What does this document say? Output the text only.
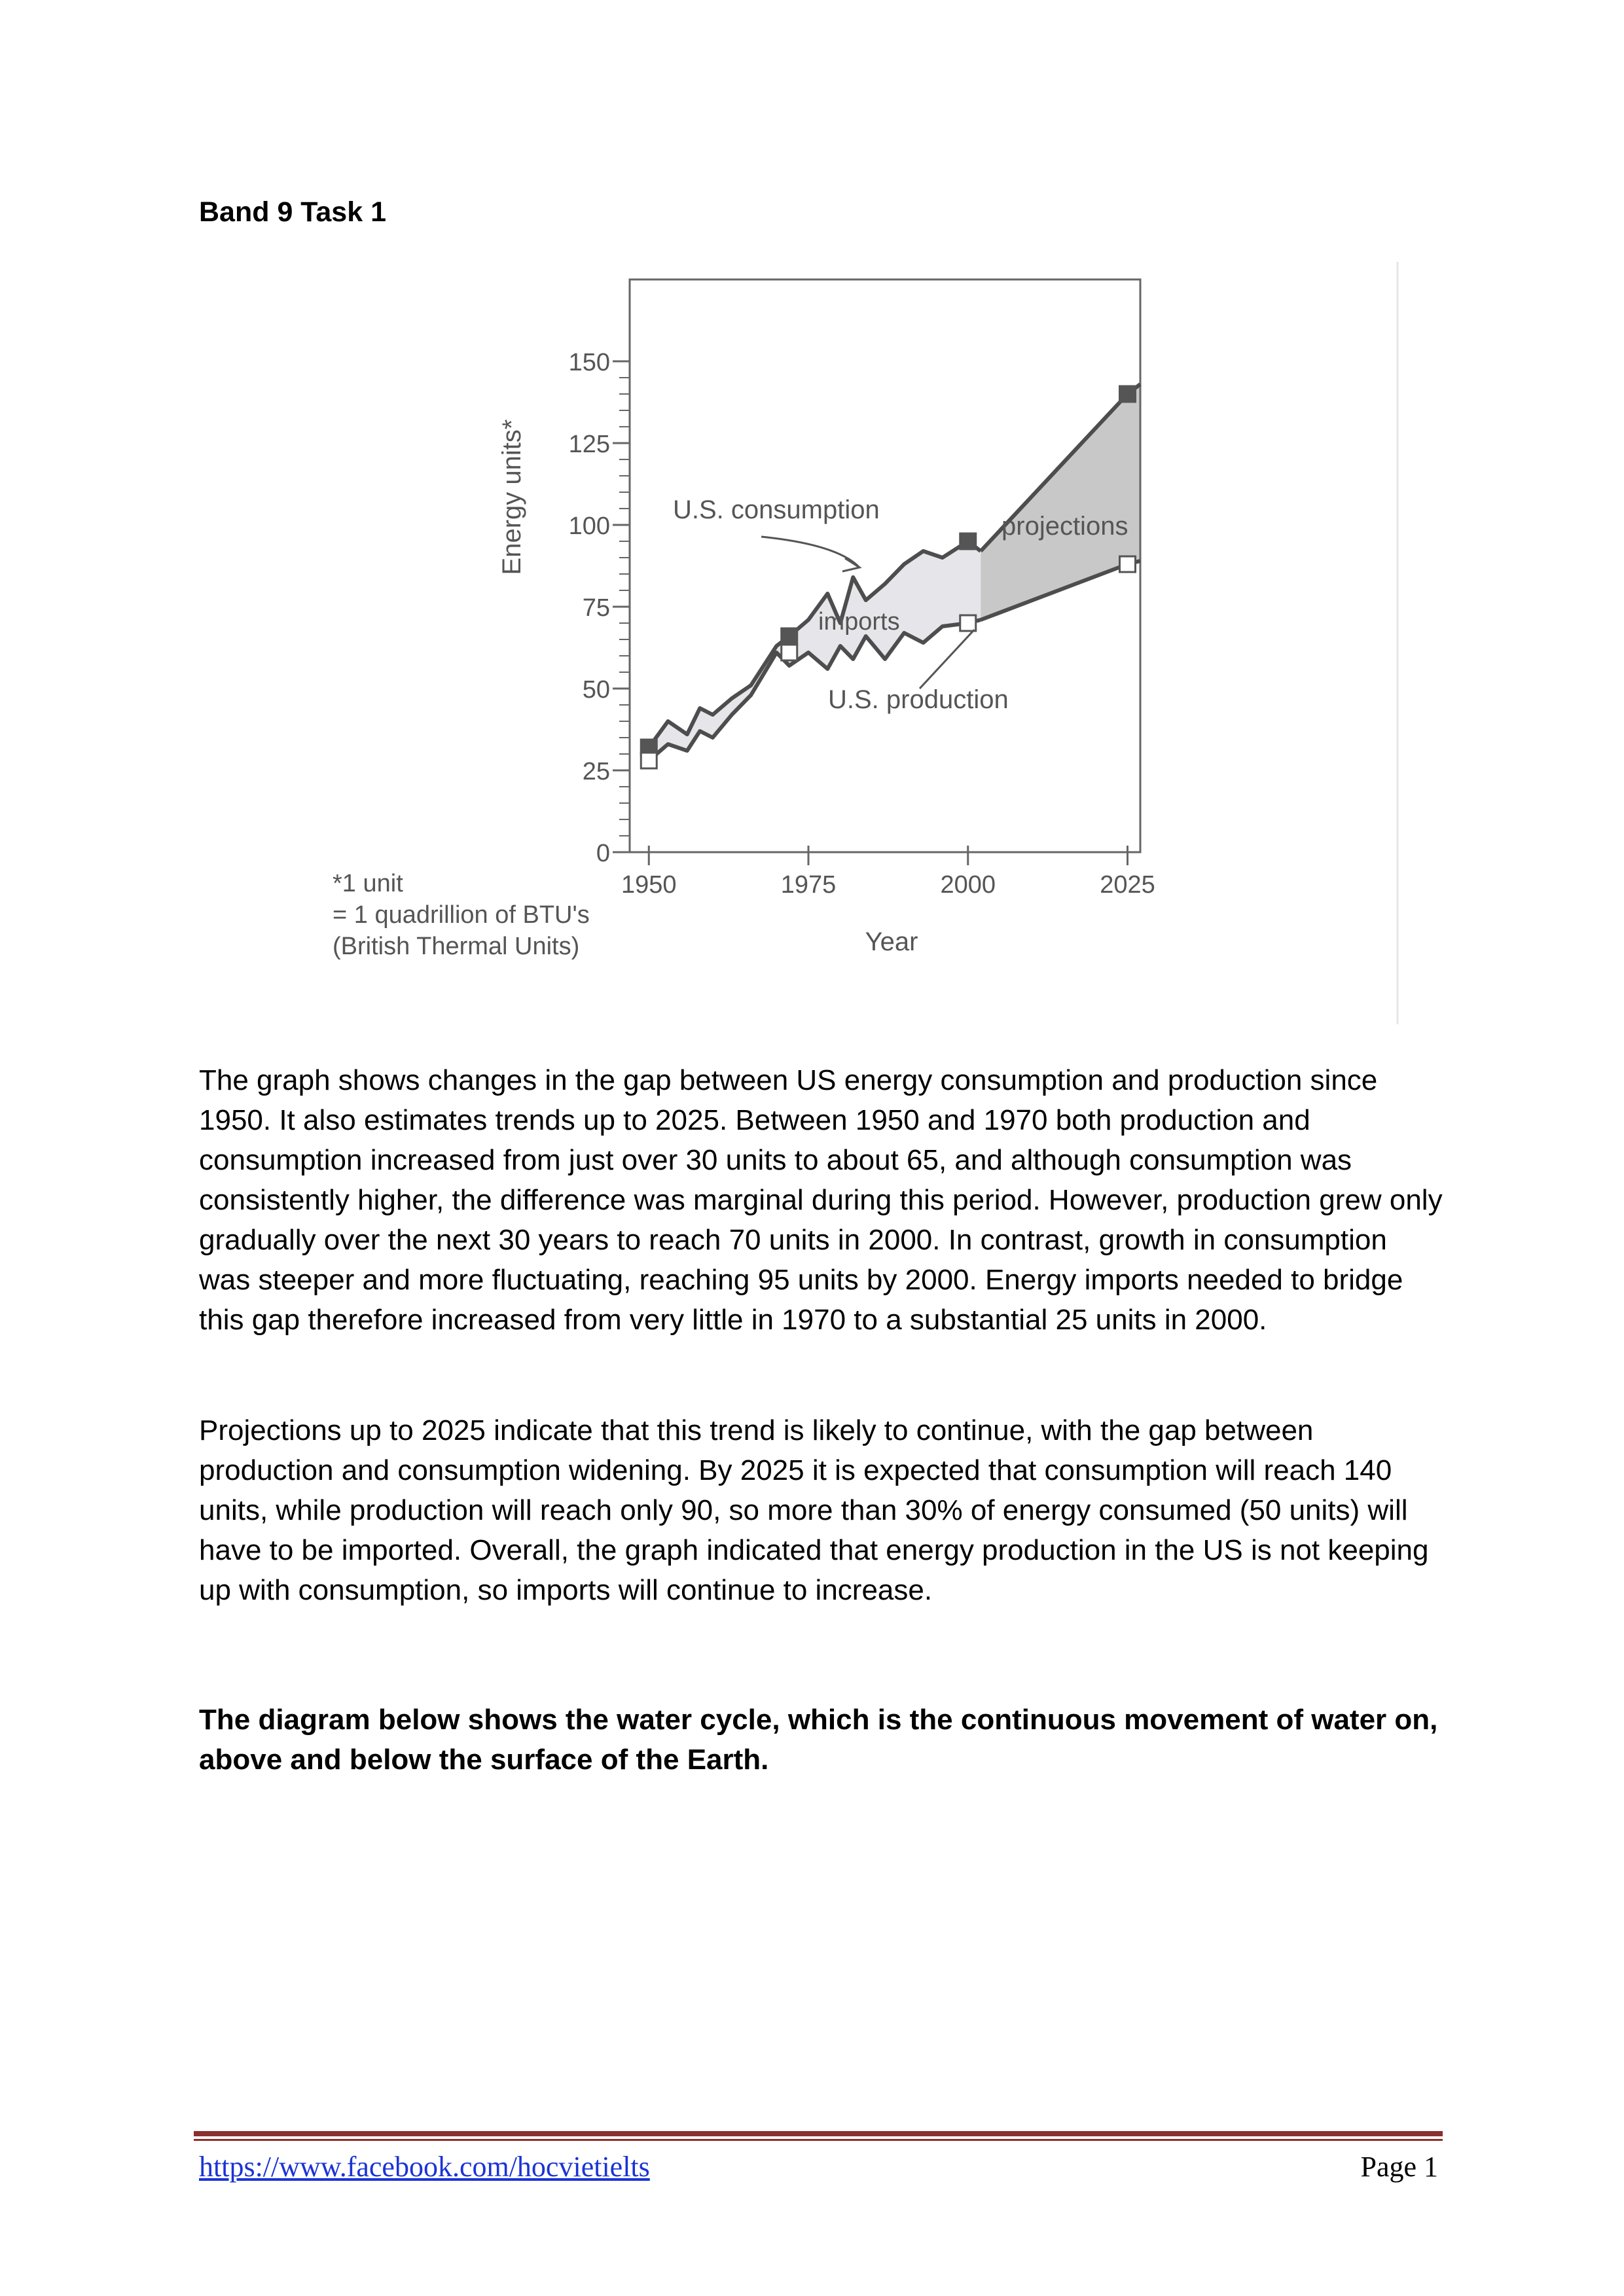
Band 9 Task 1
0
25
50
75
100
125
150
1950	1975	2000	2025
Year
Energy units*	U.S. consumption
imports
U.S. production
projections
*1 unit
= 1 quadrillion of BTU's
(British Thermal Units)

The graph shows changes in the gap between US energy consumption and production since 1950. It also estimates trends up to 2025. Between 1950 and 1970 both production and consumption increased from just over 30 units to about 65, and although consumption was consistently higher, the difference was marginal during this period. However, production grew only gradually over the next 30 years to reach 70 units in 2000. In contrast, growth in consumption was steeper and more fluctuating, reaching 95 units by 2000. Energy imports needed to bridge this gap therefore increased from very little in 1970 to a substantial 25 units in 2000.

Projections up to 2025 indicate that this trend is likely to continue, with the gap between production and consumption widening. By 2025 it is expected that consumption will reach 140 units, while production will reach only 90, so more than 30% of energy consumed (50 units) will have to be imported. Overall, the graph indicated that energy production in the US is not keeping up with consumption, so imports will continue to increase.

The diagram below shows the water cycle, which is the continuous movement of water on, above and below the surface of the Earth.

https://www.facebook.com/hocvietielts	Page 1
